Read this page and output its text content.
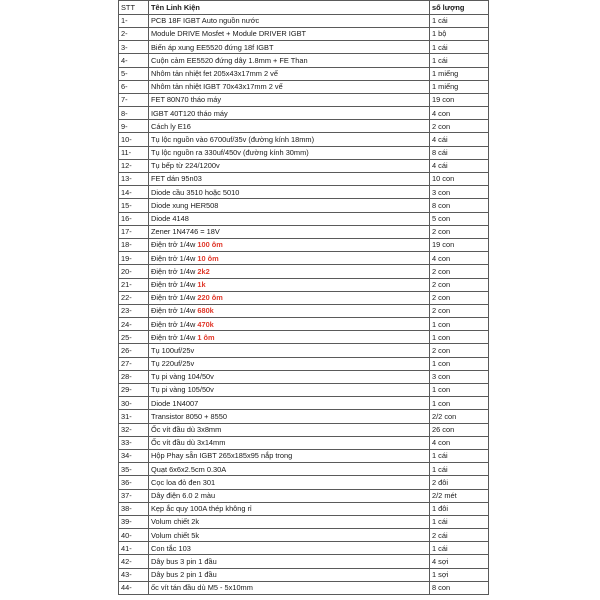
STT	Tên Linh Kiện	số lượng
1-	PCB 18F IGBT Auto nguồn nước	1 cái
2-	Module DRIVE Mosfet + Module DRIVER IGBT	1 bộ
3-	Biến áp xung EE5520 đứng 18f IGBT	1 cái
4-	Cuộn cảm EE5520 đứng dây 1.8mm + FE Than	1 cái
5-	Nhôm tản nhiệt fet 205x43x17mm 2 vế	1 miếng
6-	Nhôm tản nhiệt IGBT 70x43x17mm 2 vế	1 miếng
7-	FET 80N70 tháo máy	19 con
8-	IGBT 40T120 tháo máy	4 con
9-	Cách ly E16	2 con
10-	Tụ lộc nguồn vào 6700uf/35v (đường kính 18mm)	4 cái
11-	Tụ lộc nguồn ra 330uf/450v (đường kính 30mm)	8 cái
12-	Tụ bếp từ 224/1200v	4 cái
13-	FET dán 95n03	10 con
14-	Diode cầu 3510 hoặc 5010	3 con
15-	Diode xung HER508	8 con
16-	Diode 4148	5 con
17-	Zener 1N4746 = 18V	2 con
18-	Điện trở 1/4w 100 ôm	19 con
19-	Điện trở 1/4w 10 ôm	4 con
20-	Điện trở 1/4w 2k2	2 con
21-	Điện trở 1/4w 1k	2 con
22-	Điện trở 1/4w 220 ôm	2 con
23-	Điện trở 1/4w 680k	2 con
24-	Điện trở 1/4w 470k	1 con
25-	Điện trở 1/4w 1 ôm	1 con
26-	Tụ 100uf/25v	2 con
27-	Tụ 220uf/25v	1 con
28-	Tụ pi vàng 104/50v	3 con
29-	Tụ pi vàng 105/50v	1 con
30-	Diode 1N4007	1 con
31-	Transistor 8050 + 8550	2/2 con
32-	Ốc vít đầu dù 3x8mm	26 con
33-	Ốc vít đầu dù 3x14mm	4 con
34-	Hộp Phay sẵn IGBT 265x185x95 nắp trong	1 cái
35-	Quạt 6x6x2.5cm 0.30A	1 cái
36-	Cọc loa đỏ đen 301	2 đôi
37-	Dây điện 6.0 2 màu	2/2 mét
38-	Kẹp ắc quy 100A thép không rỉ	1 đôi
39-	Volum chiết 2k	1 cái
40-	Volum chiết 5k	2 cái
41-	Con tắc 103	1 cái
42-	Dây bus 3 pin 1 đầu	4 sợi
43-	Dây bus 2 pin 1 đầu	1 sợi
44-	ốc vít tán đầu dù M5 - 5x10mm	8 con
